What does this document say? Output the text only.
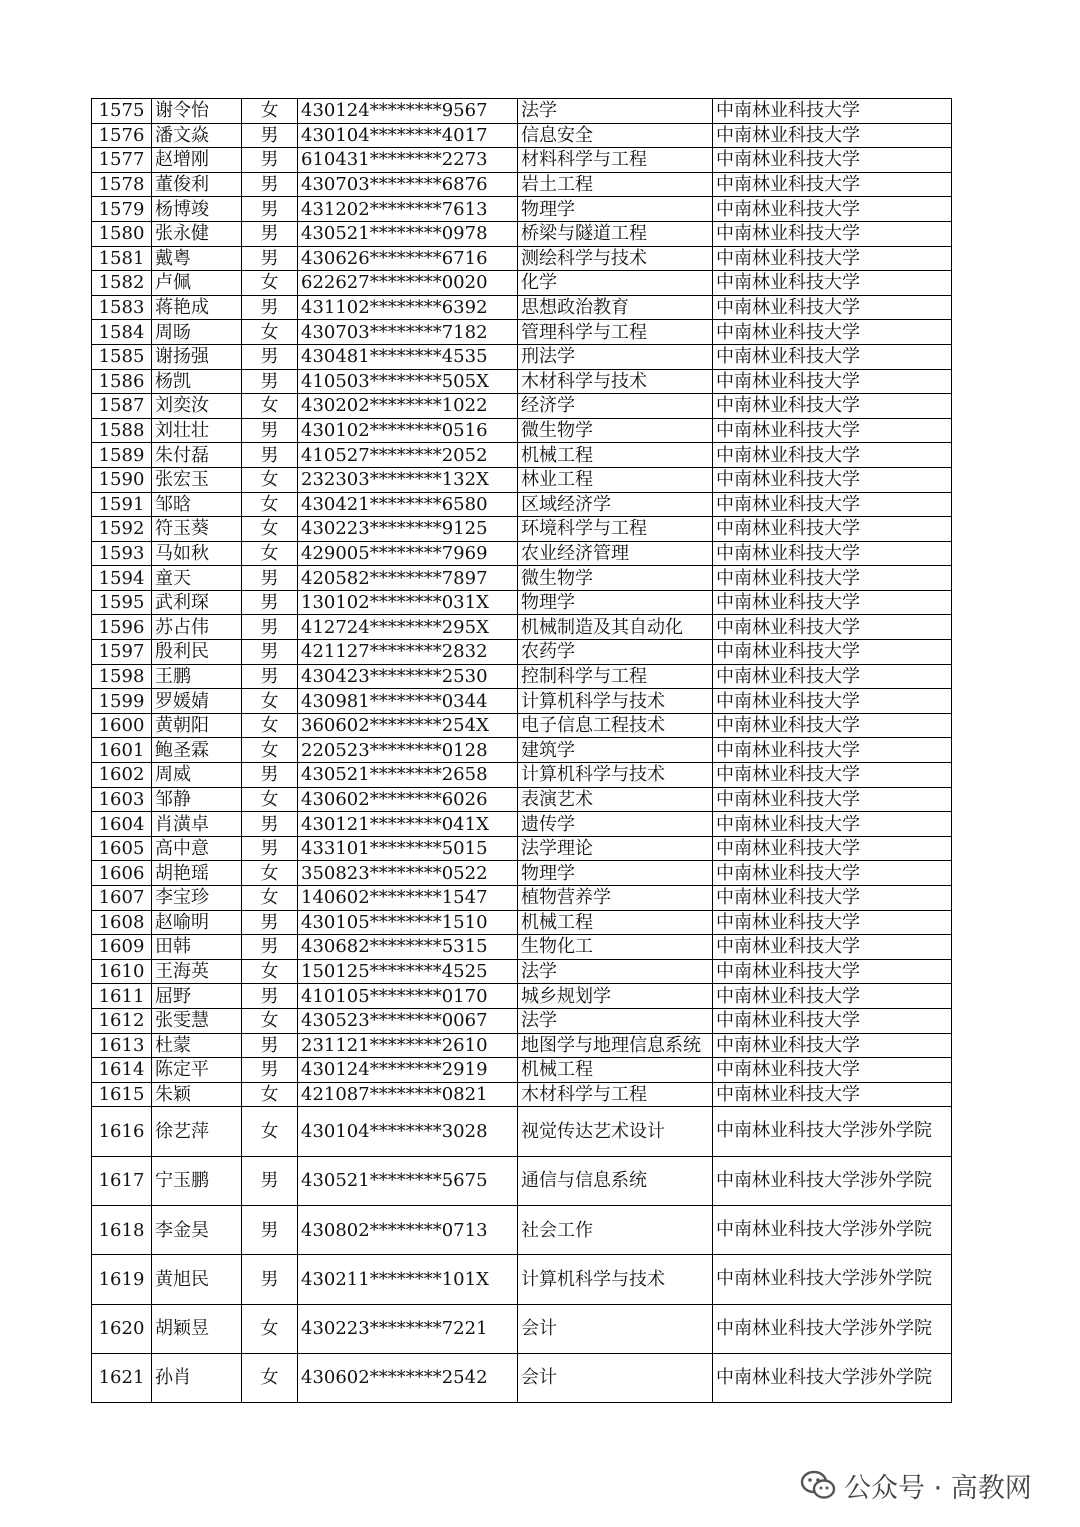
1575	谢令怡	女	430124********9567	法学	中南林业科技大学
1576	潘文焱	男	430104********4017	信息安全	中南林业科技大学
1577	赵增刚	男	610431********2273	材料科学与工程	中南林业科技大学
1578	董俊利	男	430703********6876	岩土工程	中南林业科技大学
1579	杨博竣	男	431202********7613	物理学	中南林业科技大学
1580	张永健	男	430521********0978	桥梁与隧道工程	中南林业科技大学
1581	戴粤	男	430626********6716	测绘科学与技术	中南林业科技大学
1582	卢佩	女	622627********0020	化学	中南林业科技大学
1583	蒋艳成	男	431102********6392	思想政治教育	中南林业科技大学
1584	周旸	女	430703********7182	管理科学与工程	中南林业科技大学
1585	谢扬强	男	430481********4535	刑法学	中南林业科技大学
1586	杨凯	男	410503********505X	木材科学与技术	中南林业科技大学
1587	刘奕汝	女	430202********1022	经济学	中南林业科技大学
1588	刘壮壮	男	430102********0516	微生物学	中南林业科技大学
1589	朱付磊	男	410527********2052	机械工程	中南林业科技大学
1590	张宏玉	女	232303********132X	林业工程	中南林业科技大学
1591	邹晗	女	430421********6580	区域经济学	中南林业科技大学
1592	符玉葵	女	430223********9125	环境科学与工程	中南林业科技大学
1593	马如秋	女	429005********7969	农业经济管理	中南林业科技大学
1594	童天	男	420582********7897	微生物学	中南林业科技大学
1595	武利琛	男	130102********031X	物理学	中南林业科技大学
1596	苏占伟	男	412724********295X	机械制造及其自动化	中南林业科技大学
1597	殷利民	男	421127********2832	农药学	中南林业科技大学
1598	王鹏	男	430423********2530	控制科学与工程	中南林业科技大学
1599	罗媛婧	女	430981********0344	计算机科学与技术	中南林业科技大学
1600	黄朝阳	女	360602********254X	电子信息工程技术	中南林业科技大学
1601	鲍圣霖	女	220523********0128	建筑学	中南林业科技大学
1602	周威	男	430521********2658	计算机科学与技术	中南林业科技大学
1603	邹静	女	430602********6026	表演艺术	中南林业科技大学
1604	肖潢卓	男	430121********041X	遗传学	中南林业科技大学
1605	高中意	男	433101********5015	法学理论	中南林业科技大学
1606	胡艳瑶	女	350823********0522	物理学	中南林业科技大学
1607	李宝珍	女	140602********1547	植物营养学	中南林业科技大学
1608	赵喻明	男	430105********1510	机械工程	中南林业科技大学
1609	田韩	男	430682********5315	生物化工	中南林业科技大学
1610	王海英	女	150125********4525	法学	中南林业科技大学
1611	屈野	男	410105********0170	城乡规划学	中南林业科技大学
1612	张雯慧	女	430523********0067	法学	中南林业科技大学
1613	杜蒙	男	231121********2610	地图学与地理信息系统	中南林业科技大学
1614	陈定平	男	430124********2919	机械工程	中南林业科技大学
1615	朱颖	女	421087********0821	木材科学与工程	中南林业科技大学
1616	徐艺萍	女	430104********3028	视觉传达艺术设计	中南林业科技大学涉外学院
1617	宁玉鹏	男	430521********5675	通信与信息系统	中南林业科技大学涉外学院
1618	李金昊	男	430802********0713	社会工作	中南林业科技大学涉外学院
1619	黄旭民	男	430211********101X	计算机科学与技术	中南林业科技大学涉外学院
1620	胡颖昱	女	430223********7221	会计	中南林业科技大学涉外学院
1621	孙肖	女	430602********2542	会计	中南林业科技大学涉外学院
公众号 · 高教网
